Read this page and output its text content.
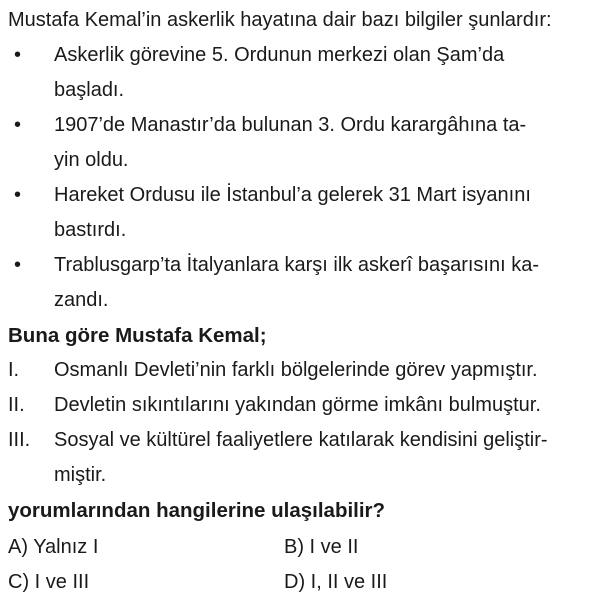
Mustafa Kemal’in askerlik hayatına dair bazı bilgiler şunlardır:
•	Askerlik görevine 5. Ordunun merkezi olan Şam’da
başladı.
•	1907’de Manastır’da bulunan 3. Ordu karargâhına ta-
yin oldu.
•	Hareket Ordusu ile İstanbul’a gelerek 31 Mart isyanını
bastırdı.
•	Trablusgarp’ta İtalyanlara karşı ilk askerî başarısını ka-
zandı.
Buna göre Mustafa Kemal;
I.	Osmanlı Devleti’nin farklı bölgelerinde görev yapmıştır.
II.	Devletin sıkıntılarını yakından görme imkânı bulmuştur.
III.	Sosyal ve kültürel faaliyetlere katılarak kendisini geliştir-
miştir.
yorumlarından hangilerine ulaşılabilir?
A) Yalnız I	B) I ve II
C) I ve III	D) I, II ve III
